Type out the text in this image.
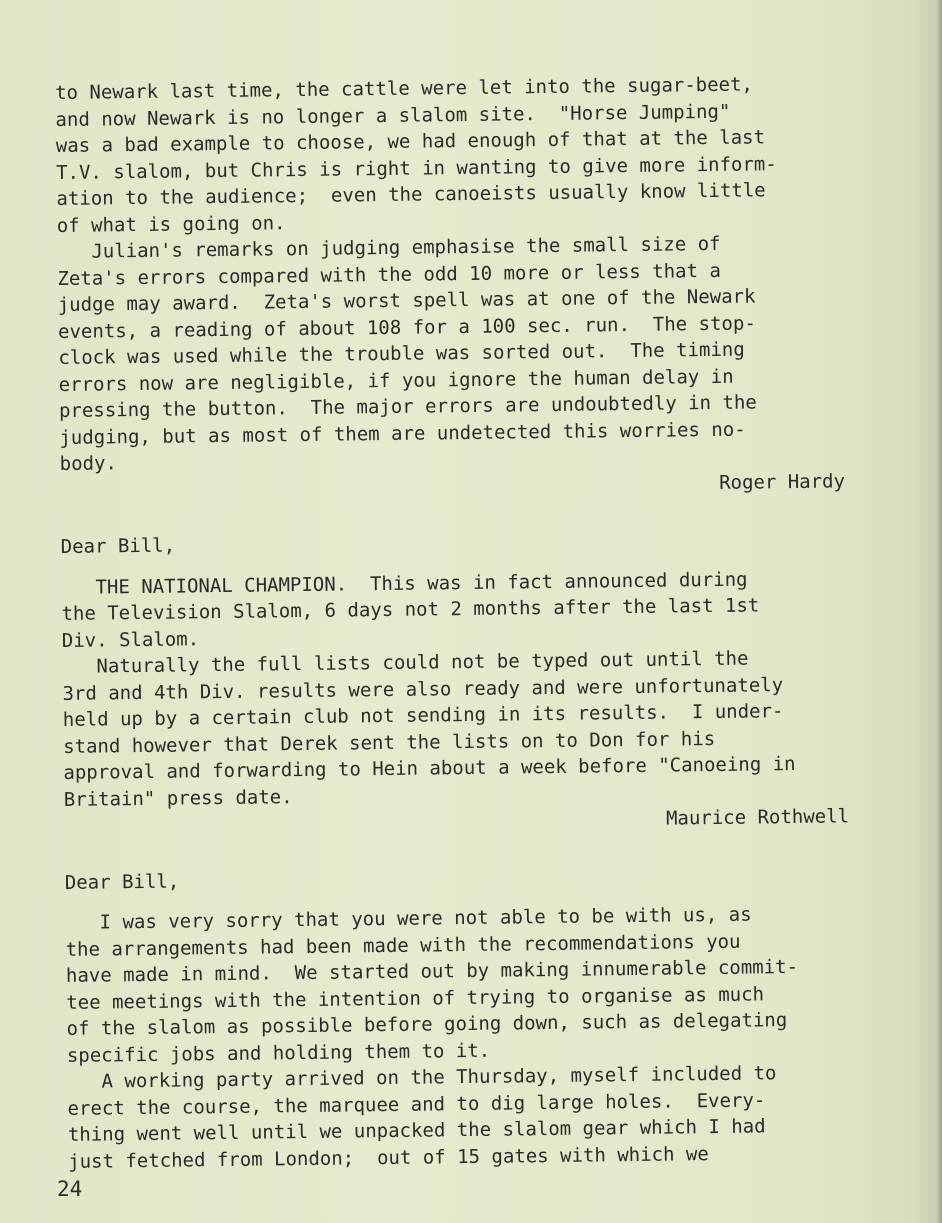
to Newark last time, the cattle were let into the sugar-beet,
and now Newark is no longer a slalom site.  "Horse Jumping"
was a bad example to choose, we had enough of that at the last
T.V. slalom, but Chris is right in wanting to give more inform-
ation to the audience;  even the canoeists usually know little
of what is going on.
Julian's remarks on judging emphasise the small size of
Zeta's errors compared with the odd 10 more or less that a
judge may award.  Zeta's worst spell was at one of the Newark
events, a reading of about 108 for a 100 sec. run.  The stop-
clock was used while the trouble was sorted out.  The timing
errors now are negligible, if you ignore the human delay in
pressing the button.  The major errors are undoubtedly in the
judging, but as most of them are undetected this worries no-
body.
Roger Hardy
Dear Bill,
THE NATIONAL CHAMPION.  This was in fact announced during
the Television Slalom, 6 days not 2 months after the last 1st
Div. Slalom.
Naturally the full lists could not be typed out until the
3rd and 4th Div. results were also ready and were unfortunately
held up by a certain club not sending in its results.  I under-
stand however that Derek sent the lists on to Don for his
approval and forwarding to Hein about a week before "Canoeing in
Britain" press date.
Maurice Rothwell
Dear Bill,
I was very sorry that you were not able to be with us, as
the arrangements had been made with the recommendations you
have made in mind.  We started out by making innumerable commit-
tee meetings with the intention of trying to organise as much
of the slalom as possible before going down, such as delegating
specific jobs and holding them to it.
A working party arrived on the Thursday, myself included to
erect the course, the marquee and to dig large holes.  Every-
thing went well until we unpacked the slalom gear which I had
just fetched from London;  out of 15 gates with which we
24
